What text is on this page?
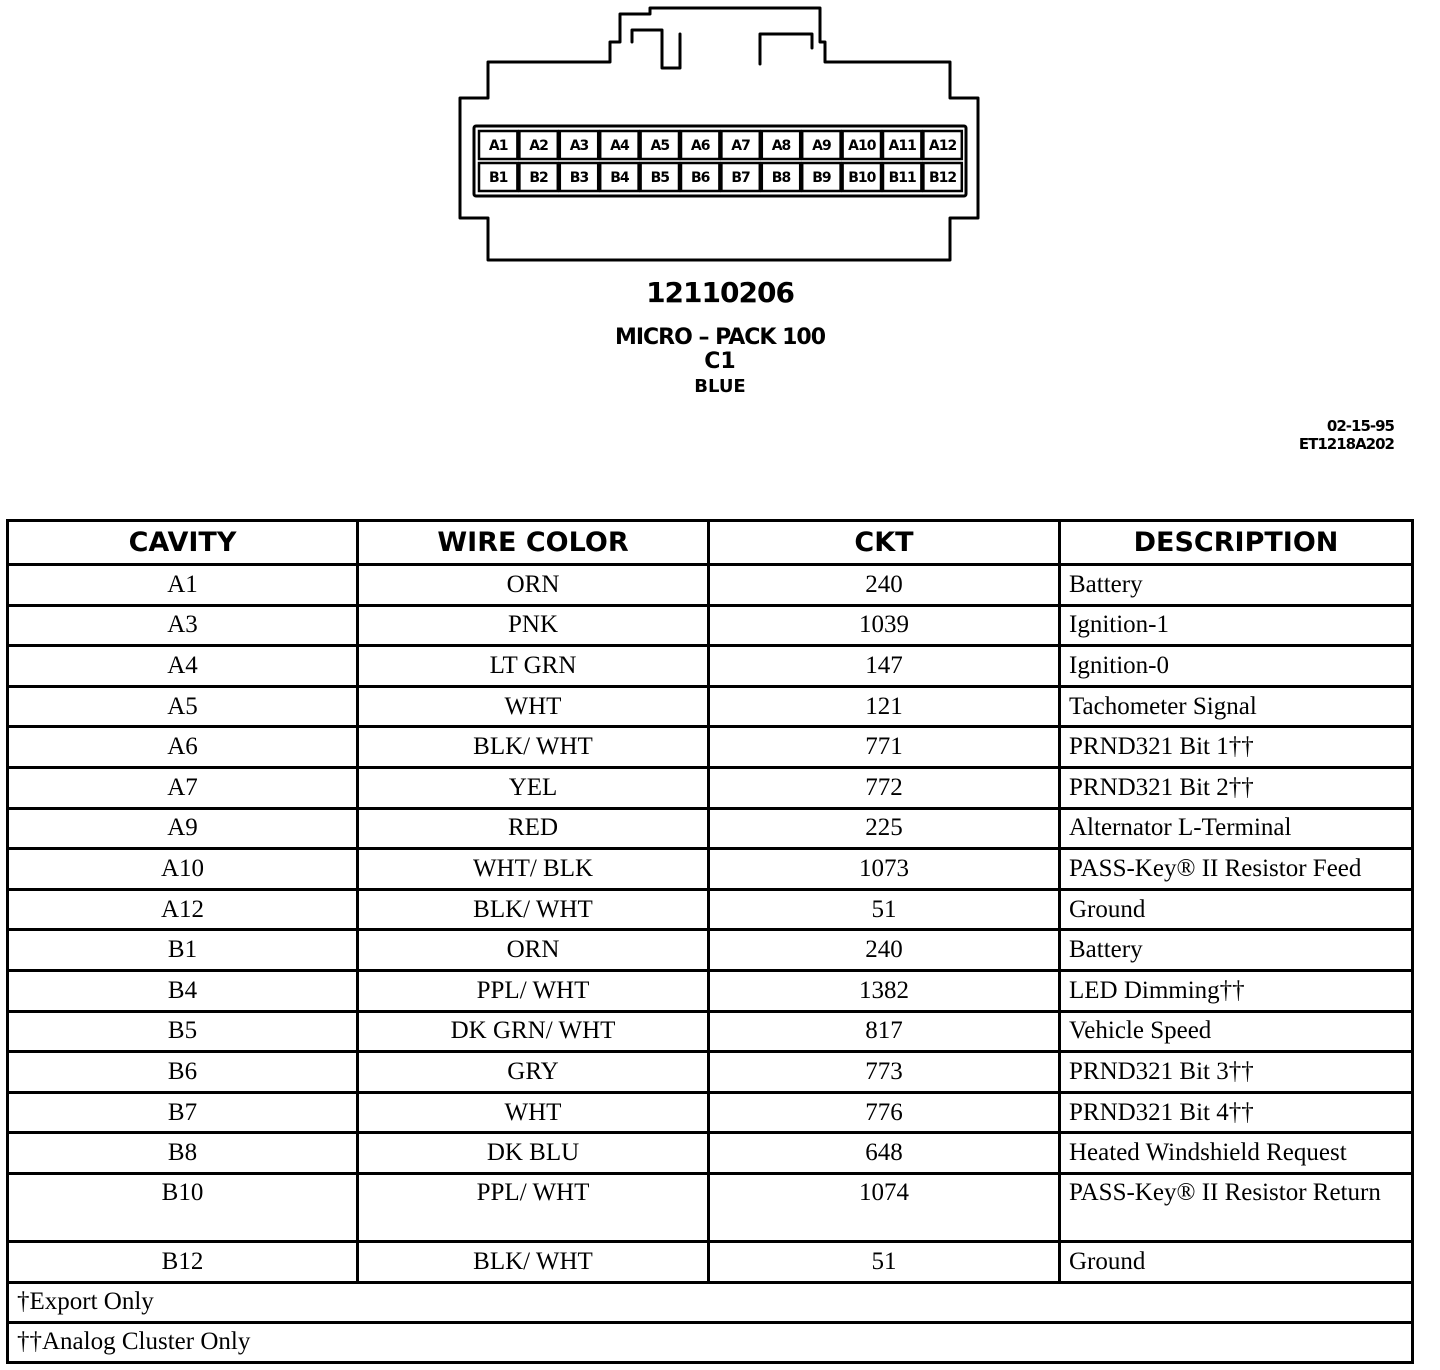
A1 A2 A3 A4 A5 A6 A7 A8 A9 A10 A11 A12
B1 B2 B3 B4 B5 B6 B7 B8 B9 B10 B11 B12
12110206
MICRO – PACK 100
C1
BLUE
02-15-95
ET1218A202
CAVITY	WIRE COLOR	CKT	DESCRIPTION
A1	ORN	240	Battery
A3	PNK	1039	Ignition-1
A4	LT GRN	147	Ignition-0
A5	WHT	121	Tachometer Signal
A6	BLK/ WHT	771	PRND321 Bit 1††
A7	YEL	772	PRND321 Bit 2††
A9	RED	225	Alternator L-Terminal
A10	WHT/ BLK	1073	PASS-Key® II Resistor Feed
A12	BLK/ WHT	51	Ground
B1	ORN	240	Battery
B4	PPL/ WHT	1382	LED Dimming††
B5	DK GRN/ WHT	817	Vehicle Speed
B6	GRY	773	PRND321 Bit 3††
B7	WHT	776	PRND321 Bit 4††
B8	DK BLU	648	Heated Windshield Request
B10	PPL/ WHT	1074	PASS-Key® II Resistor Return
B12	BLK/ WHT	51	Ground
†Export Only			
††Analog Cluster Only			
